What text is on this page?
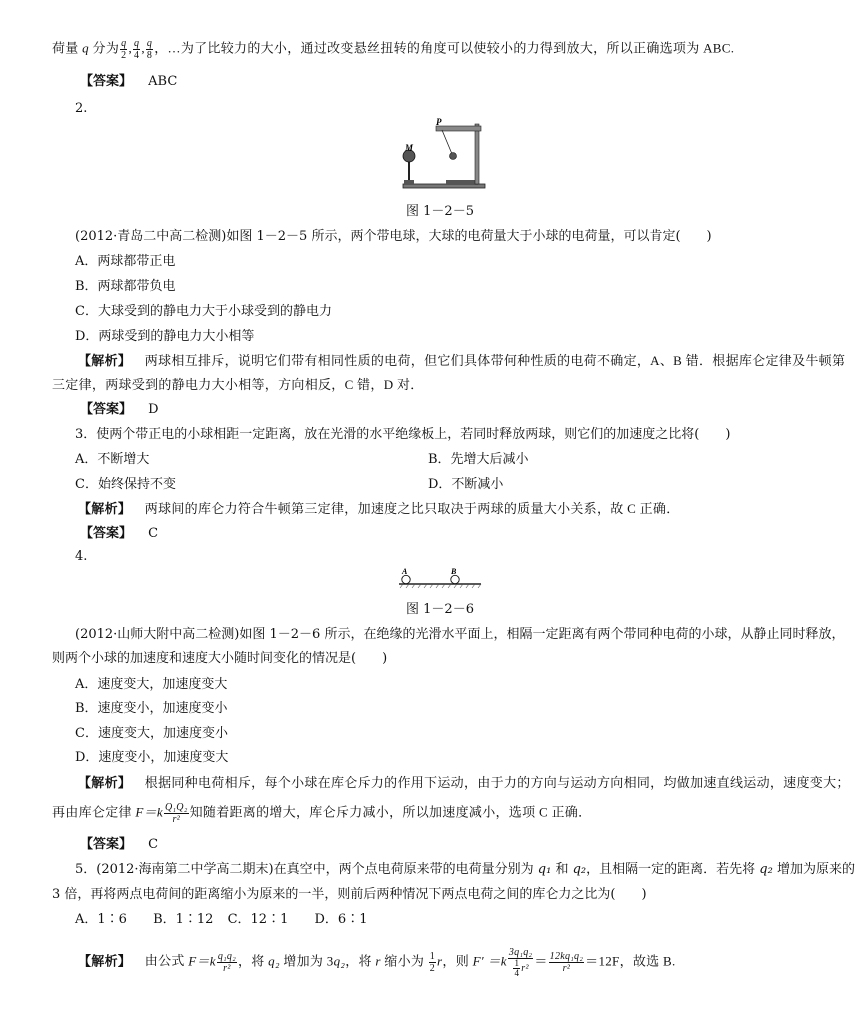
荷量 q 分为 $\frac{q}{2}$ , $\frac{q}{4}$ , $\frac{q}{8}$ ，…为了比较力的大小，通过改变悬丝扭转的角度可以使较小的力得到放大，所以正确选项为 ABC.
【答案】 ABC
2.
M
P
图 1－2－5
(2012·青岛二中高二检测)如图 1－2－5 所示，两个带电球，大球的电荷量大于小球的电荷量，可以肯定(　　)
A．两球都带正电
B．两球都带负电
C．大球受到的静电力大于小球受到的静电力
D．两球受到的静电力大小相等
【解析】 两球相互排斥，说明它们带有相同性质的电荷，但它们具体带何种性质的电荷不确定，A、B 错．根据库仑定律及牛顿第
三定律，两球受到的静电力大小相等，方向相反，C 错，D 对．
【答案】 D
3．使两个带正电的小球相距一定距离，放在光滑的水平绝缘板上，若同时释放两球，则它们的加速度之比将(　　)
A．不断增大	B．先增大后减小
C．始终保持不变	D．不断减小
【解析】 两球间的库仑力符合牛顿第三定律，加速度之比只取决于两球的质量大小关系，故 C 正确．
【答案】 C
4.
A	B
图 1－2－6
(2012·山师大附中高二检测)如图 1－2－6 所示，在绝缘的光滑水平面上，相隔一定距离有两个带同种电荷的小球，从静止同时释放，
则两个小球的加速度和速度大小随时间变化的情况是(　　)
A．速度变大，加速度变大
B．速度变小，加速度变小
C．速度变大，加速度变小
D．速度变小，加速度变大
【解析】 根据同种电荷相斥，每个小球在库仑斥力的作用下运动，由于力的方向与运动方向相同，均做加速直线运动，速度变大；
再由库仑定律 $F=k \frac{\text{Q₁Q₂}}{\text{r²}}$ 知随着距离的增大，库仑斥力减小，所以加速度减小，选项 C 正确．
【答案】 C
5．(2012·海南第二中学高二期末)在真空中，两个点电荷原来带的电荷量分别为 q₁ 和 q₂，且相隔一定的距离．若先将 q₂ 增加为原来的
3 倍，再将两点电荷间的距离缩小为原来的一半，则前后两种情况下两点电荷之间的库仑力之比为(　　)
A．1∶6 B．1∶12 C．12∶1 D．6∶1
【解析】 由公式 $F=k \frac{\text{q₁q₂}}{\text{r²}}$ ，将 q₂ 增加为 3q₂，将 r 缩小为 $\frac{1}{2}$ r，则 $F' =k \frac{\text{3q₁q₂}}{\frac{1}{4} r^2} = \frac{\text{12kq₁q₂}}{\text{r²}} =12F$，故选 B.
